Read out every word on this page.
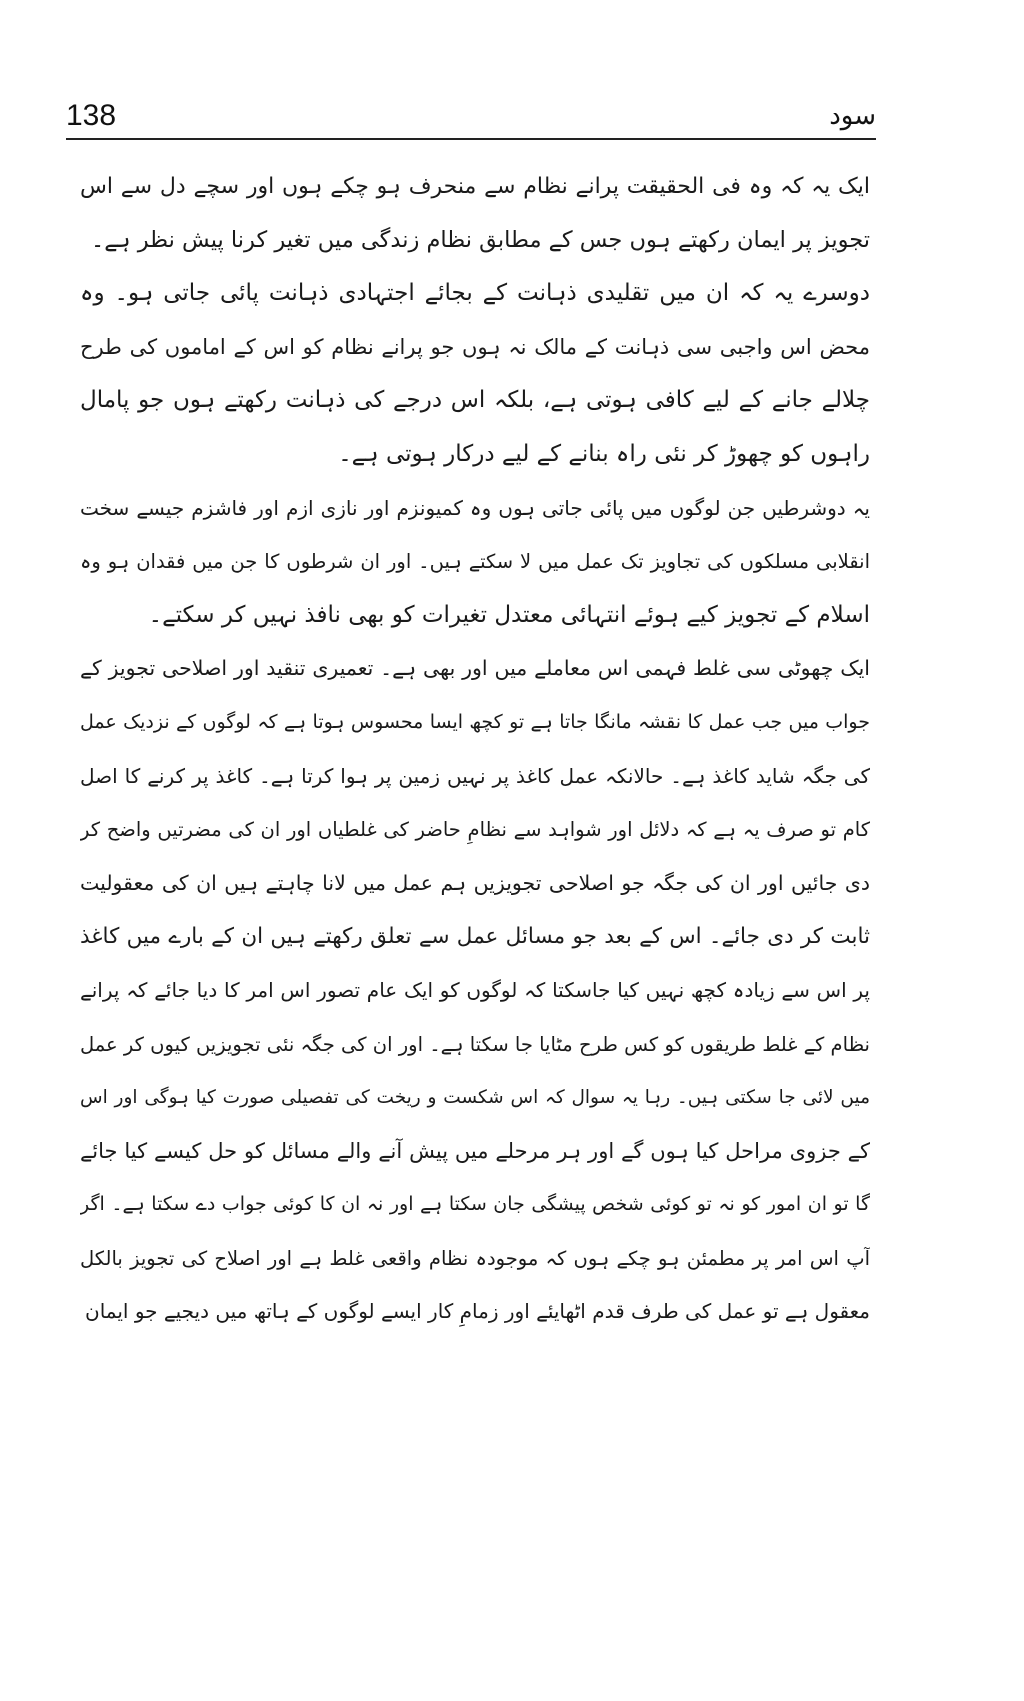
138	سود
ایک یہ کہ وہ فی الحقیقت پرانے نظام سے منحرف ہو چکے ہوں اور سچے دل سے اس
تجویز پر ایمان رکھتے ہوں جس کے مطابق نظام زندگی میں تغیر کرنا پیش نظر ہے۔
دوسرے یہ کہ ان میں تقلیدی ذہانت کے بجائے اجتہادی ذہانت پائی جاتی ہو۔ وہ
محض اس واجبی سی ذہانت کے مالک نہ ہوں جو پرانے نظام کو اس کے اماموں کی طرح
چلالے جانے کے لیے کافی ہوتی ہے، بلکہ اس درجے کی ذہانت رکھتے ہوں جو پامال
راہوں کو چھوڑ کر نئی راہ بنانے کے لیے درکار ہوتی ہے۔
یہ دوشرطیں جن لوگوں میں پائی جاتی ہوں وہ کمیونزم اور نازی ازم اور فاشزم جیسے سخت
انقلابی مسلکوں کی تجاویز تک عمل میں لا سکتے ہیں۔ اور ان شرطوں کا جن میں فقدان ہو وہ
اسلام کے تجویز کیے ہوئے انتہائی معتدل تغیرات کو بھی نافذ نہیں کر سکتے۔
ایک چھوٹی سی غلط فہمی اس معاملے میں اور بھی ہے۔ تعمیری تنقید اور اصلاحی تجویز کے
جواب میں جب عمل کا نقشہ مانگا جاتا ہے تو کچھ ایسا محسوس ہوتا ہے کہ لوگوں کے نزدیک عمل
کی جگہ شاید کاغذ ہے۔ حالانکہ عمل کاغذ پر نہیں زمین پر ہوا کرتا ہے۔ کاغذ پر کرنے کا اصل
کام تو صرف یہ ہے کہ دلائل اور شواہد سے نظامِ حاضر کی غلطیاں اور ان کی مضرتیں واضح کر
دی جائیں اور ان کی جگہ جو اصلاحی تجویزیں ہم عمل میں لانا چاہتے ہیں ان کی معقولیت
ثابت کر دی جائے۔ اس کے بعد جو مسائل عمل سے تعلق رکھتے ہیں ان کے بارے میں کاغذ
پر اس سے زیادہ کچھ نہیں کیا جاسکتا کہ لوگوں کو ایک عام تصور اس امر کا دیا جائے کہ پرانے
نظام کے غلط طریقوں کو کس طرح مٹایا جا سکتا ہے۔ اور ان کی جگہ نئی تجویزیں کیوں کر عمل
میں لائی جا سکتی ہیں۔ رہا یہ سوال کہ اس شکست و ریخت کی تفصیلی صورت کیا ہوگی اور اس
کے جزوی مراحل کیا ہوں گے اور ہر مرحلے میں پیش آنے والے مسائل کو حل کیسے کیا جائے
گا تو ان امور کو نہ تو کوئی شخص پیشگی جان سکتا ہے اور نہ ان کا کوئی جواب دے سکتا ہے۔ اگر
آپ اس امر پر مطمئن ہو چکے ہوں کہ موجودہ نظام واقعی غلط ہے اور اصلاح کی تجویز بالکل
معقول ہے تو عمل کی طرف قدم اٹھایئے اور زمامِ کار ایسے لوگوں کے ہاتھ میں دیجیے جو ایمان
